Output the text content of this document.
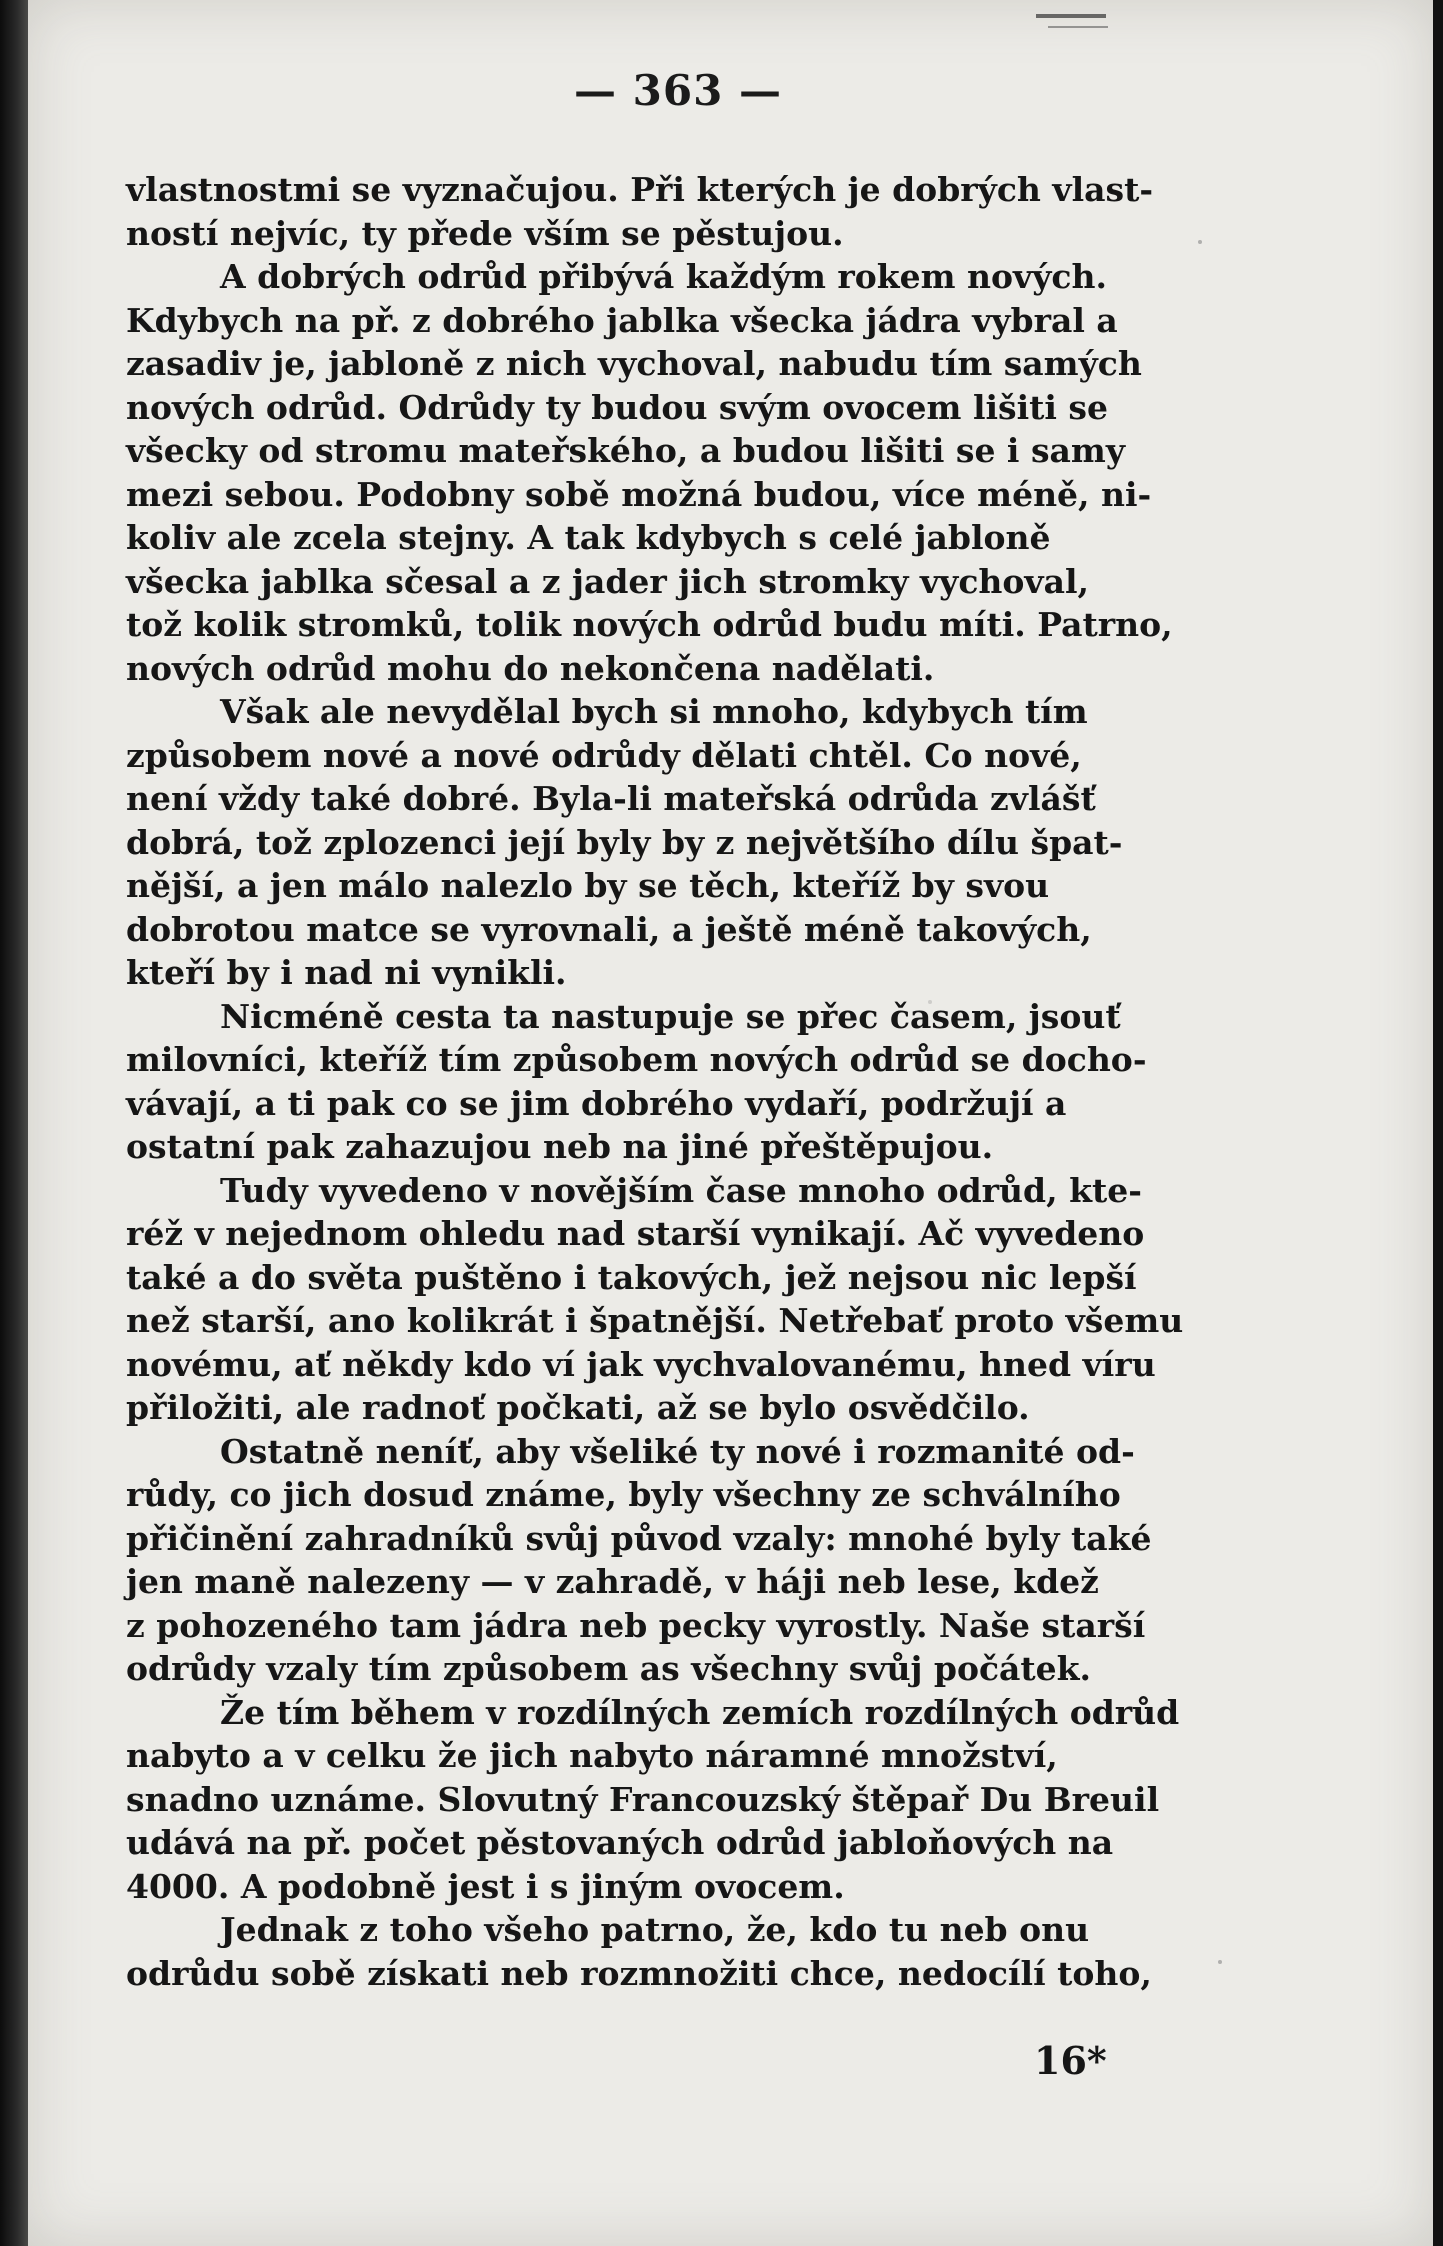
— 363 —
vlastnostmi se vyznačujou. Při kterých je dobrých vlast-
ností nejvíc, ty přede vším se pěstujou.
A dobrých odrůd přibývá každým rokem nových.
Kdybych na př. z dobrého jablka všecka jádra vybral a
zasadiv je, jabloně z nich vychoval, nabudu tím samých
nových odrůd. Odrůdy ty budou svým ovocem lišiti se
všecky od stromu mateřského, a budou lišiti se i samy
mezi sebou. Podobny sobě možná budou, více méně, ni-
koliv ale zcela stejny. A tak kdybych s celé jabloně
všecka jablka sčesal a z jader jich stromky vychoval,
tož kolik stromků, tolik nových odrůd budu míti. Patrno,
nových odrůd mohu do nekončena nadělati.
Však ale nevydělal bych si mnoho, kdybych tím
způsobem nové a nové odrůdy dělati chtěl. Co nové,
není vždy také dobré. Byla-li mateřská odrůda zvlášť
dobrá, tož zplozenci její byly by z největšího dílu špat-
nější, a jen málo nalezlo by se těch, kteříž by svou
dobrotou matce se vyrovnali, a ještě méně takových,
kteří by i nad ni vynikli.
Nicméně cesta ta nastupuje se přec časem, jsouť
milovníci, kteříž tím způsobem nových odrůd se docho-
vávají, a ti pak co se jim dobrého vydaří, podržují a
ostatní pak zahazujou neb na jiné přeštěpujou.
Tudy vyvedeno v novějším čase mnoho odrůd, kte-
réž v nejednom ohledu nad starší vynikají. Ač vyvedeno
také a do světa puštěno i takových, jež nejsou nic lepší
než starší, ano kolikrát i špatnější. Netřebať proto všemu
novému, ať někdy kdo ví jak vychvalovanému, hned víru
přiložiti, ale radnoť počkati, až se bylo osvědčilo.
Ostatně neníť, aby všeliké ty nové i rozmanité od-
růdy, co jich dosud známe, byly všechny ze schválního
přičinění zahradníků svůj původ vzaly: mnohé byly také
jen maně nalezeny — v zahradě, v háji neb lese, kdež
z pohozeného tam jádra neb pecky vyrostly. Naše starší
odrůdy vzaly tím způsobem as všechny svůj počátek.
Že tím během v rozdílných zemích rozdílných odrůd
nabyto a v celku že jich nabyto náramné množství,
snadno uznáme. Slovutný Francouzský štěpař Du Breuil
udává na př. počet pěstovaných odrůd jabloňových na
4000. A podobně jest i s jiným ovocem.
Jednak z toho všeho patrno, že, kdo tu neb onu
odrůdu sobě získati neb rozmnožiti chce, nedocílí toho,
16*
